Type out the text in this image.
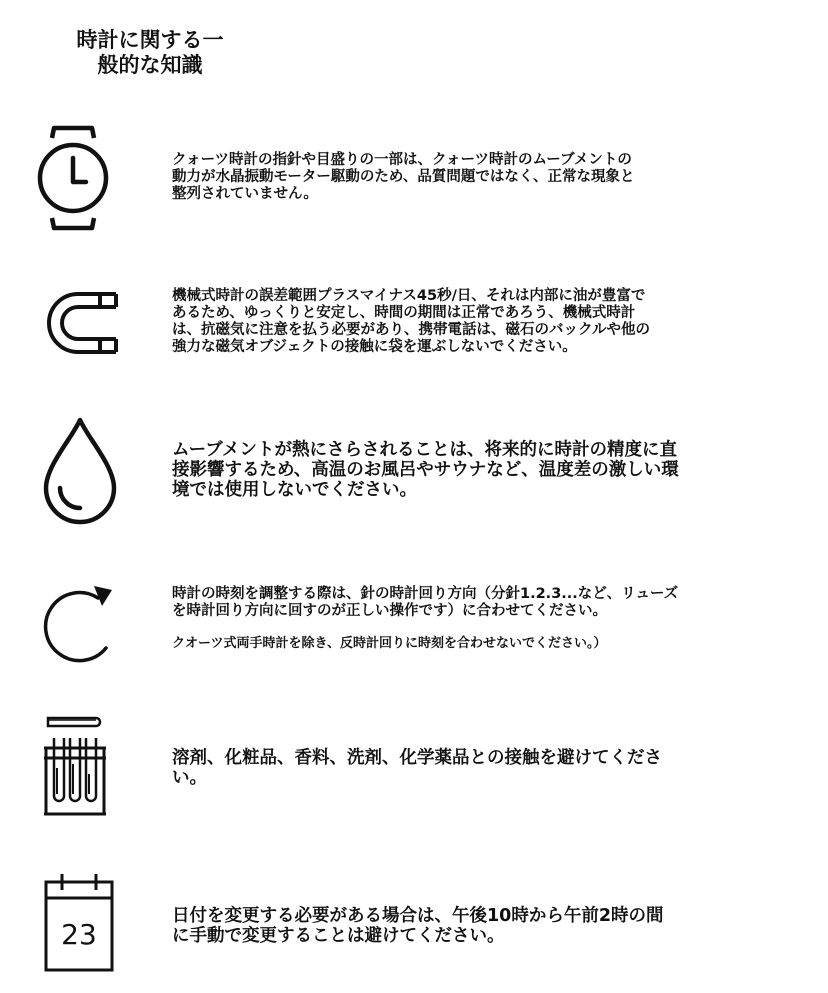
時計に関する一
般的な知識
クォーツ時計の指針や目盛りの一部は、クォーツ時計のムーブメントの
動力が水晶振動モーター駆動のため、品質問題ではなく、正常な現象と
整列されていません。
機械式時計の誤差範囲プラスマイナス45秒/日、それは内部に油が豊富で
あるため、ゆっくりと安定し、時間の期間は正常であろう、機械式時計
は、抗磁気に注意を払う必要があり、携帯電話は、磁石のバックルや他の
強力な磁気オブジェクトの接触に袋を運ぶしないでください。
ムーブメントが熱にさらされることは、将来的に時計の精度に直
接影響するため、高温のお風呂やサウナなど、温度差の激しい環
境では使用しないでください。
時計の時刻を調整する際は、針の時計回り方向（分針1.2.3...など、リューズ
を時計回り方向に回すのが正しい操作です）に合わせてください。
クオーツ式両手時計を除き、反時計回りに時刻を合わせないでください。）
溶剤、化粧品、香料、洗剤、化学薬品との接触を避けてくださ
い。
23
日付を変更する必要がある場合は、午後10時から午前2時の間
に手動で変更することは避けてください。
